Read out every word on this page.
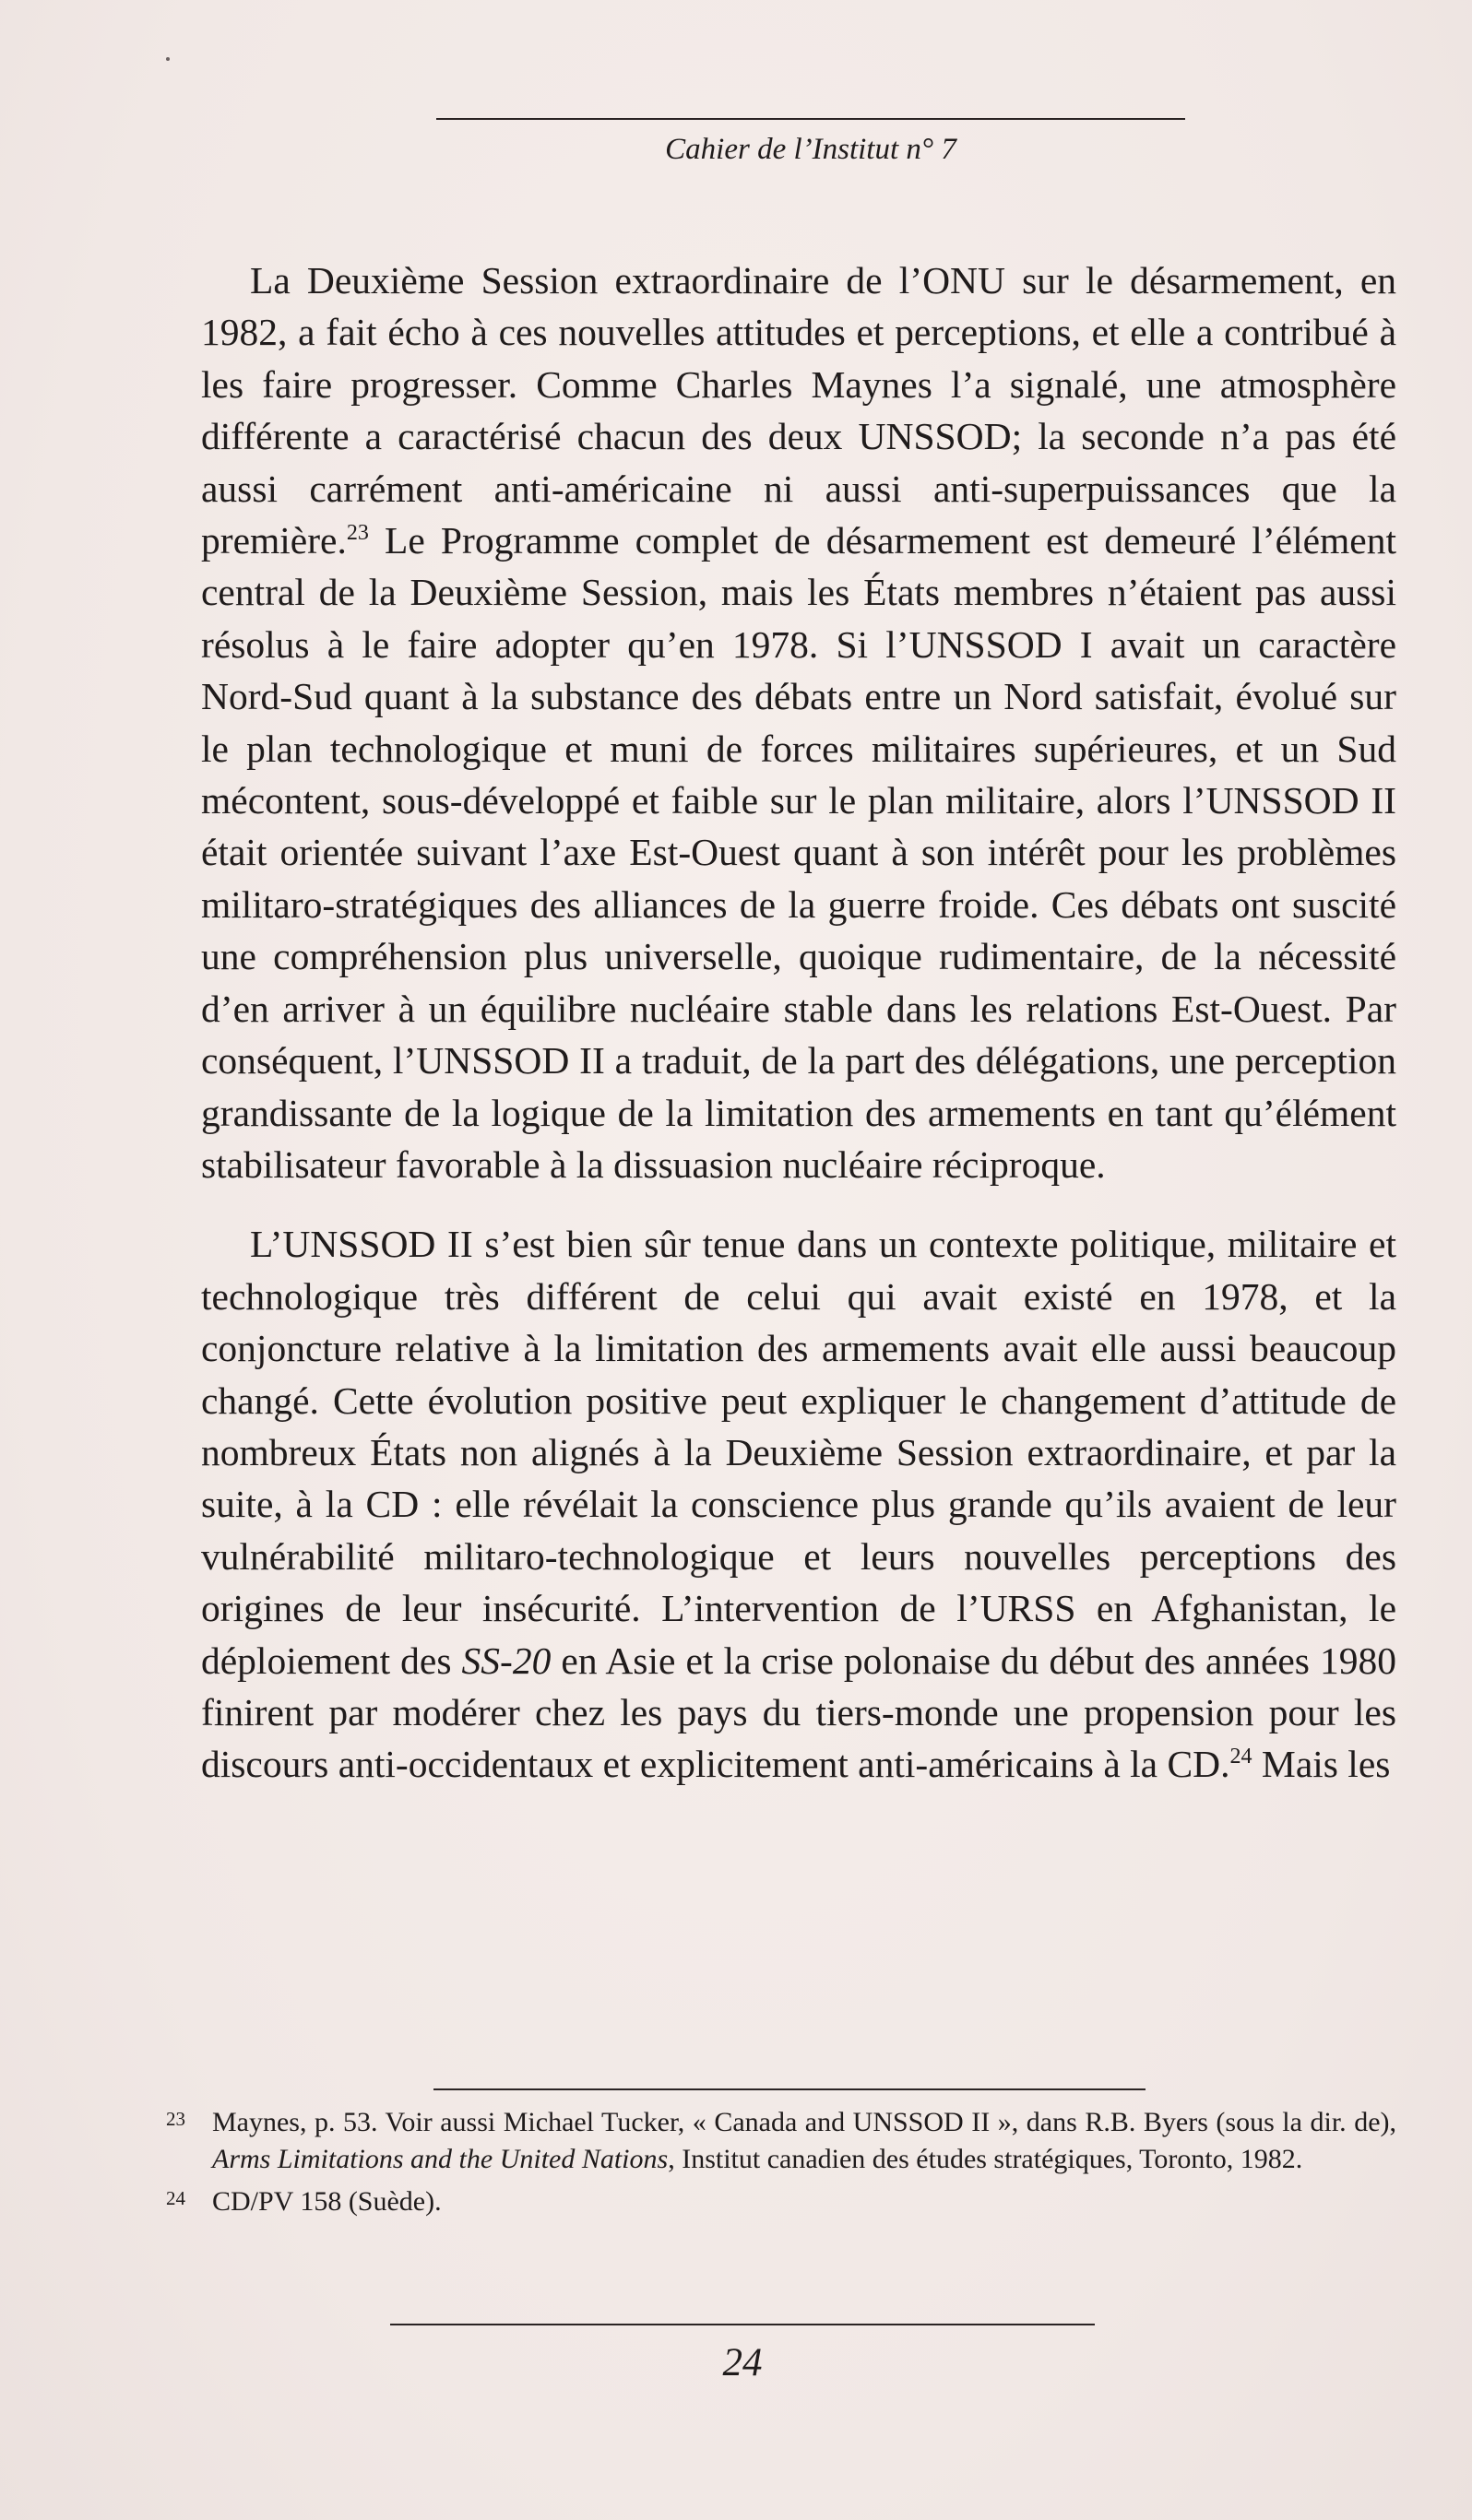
Cahier de l’Institut n° 7

La Deuxième Session extraordinaire de l’ONU sur le désarmement, en 1982, a fait écho à ces nouvelles attitudes et perceptions, et elle a contribué à les faire progresser. Comme Charles Maynes l’a signalé, une atmosphère différente a caractérisé chacun des deux UNSSOD; la seconde n’a pas été aussi carrément anti-américaine ni aussi anti-superpuissances que la première.$^{23}$ Le Programme complet de désarmement est demeuré l’élément central de la Deuxième Session, mais les États membres n’étaient pas aussi résolus à le faire adopter qu’en 1978. Si l’UNSSOD I avait un caractère Nord-Sud quant à la substance des débats entre un Nord satisfait, évolué sur le plan technologique et muni de forces militaires supérieures, et un Sud mécontent, sous-développé et faible sur le plan militaire, alors l’UNSSOD II était orientée suivant l’axe Est-Ouest quant à son intérêt pour les problèmes militaro-stratégiques des alliances de la guerre froide. Ces débats ont suscité une compréhension plus universelle, quoique rudimentaire, de la nécessité d’en arriver à un équilibre nucléaire stable dans les relations Est-Ouest. Par conséquent, l’UNSSOD II a traduit, de la part des délégations, une perception grandissante de la logique de la limitation des armements en tant qu’élément stabilisateur favorable à la dissuasion nucléaire réciproque.

L’UNSSOD II s’est bien sûr tenue dans un contexte politique, militaire et technologique très différent de celui qui avait existé en 1978, et la conjoncture relative à la limitation des armements avait elle aussi beaucoup changé. Cette évolution positive peut expliquer le changement d’attitude de nombreux États non alignés à la Deuxième Session extraordinaire, et par la suite, à la CD : elle révélait la conscience plus grande qu’ils avaient de leur vulnérabilité militaro-technologique et leurs nouvelles perceptions des origines de leur insécurité. L’intervention de l’URSS en Afghanistan, le déploiement des SS-20 en Asie et la crise polonaise du début des années 1980 finirent par modérer chez les pays du tiers-monde une propension pour les discours anti-occidentaux et explicitement anti-américains à la CD.$^{24}$ Mais les

23 Maynes, p. 53. Voir aussi Michael Tucker, « Canada and UNSSOD II », dans R.B. Byers (sous la dir. de), Arms Limitations and the United Nations, Institut canadien des études stratégiques, Toronto, 1982.
24 CD/PV 158 (Suède).
24
